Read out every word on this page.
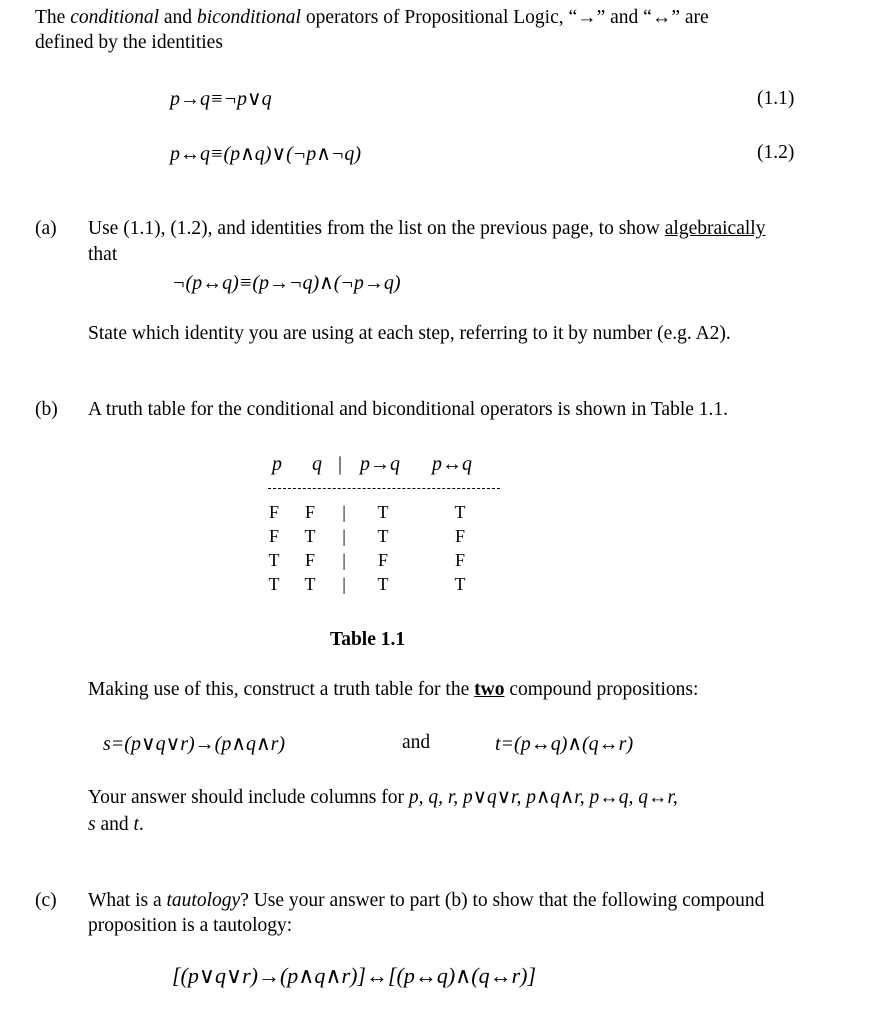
The conditional and biconditional operators of Propositional Logic, “→” and “↔” are
defined by the identities
p→q≡¬p∨q	(1.1)
p↔q≡(p∧q)∨(¬p∧¬q)	(1.2)
(a) Use (1.1), (1.2), and identities from the list on the previous page, to show algebraically
that
¬(p↔q)≡(p→¬q)∧(¬p→q)
State which identity you are using at each step, referring to it by number (e.g. A2).
(b) A truth table for the conditional and biconditional operators is shown in Table 1.1.
p q | p→q p↔q
F F	|	T	T
F T	|	T	F
T F	|	F	F
T T	|	T	T
Table 1.1
Making use of this, construct a truth table for the two compound propositions:
s=(p∨q∨r)→(p∧q∧r)	and	t=(p↔q)∧(q↔r)
Your answer should include columns for p, q, r, p∨q∨r, p∧q∧r, p↔q, q↔r,
s and t.
(c) What is a tautology? Use your answer to part (b) to show that the following compound
proposition is a tautology:
[(p∨q∨r)→(p∧q∧r)]↔[(p↔q)∧(q↔r)]
